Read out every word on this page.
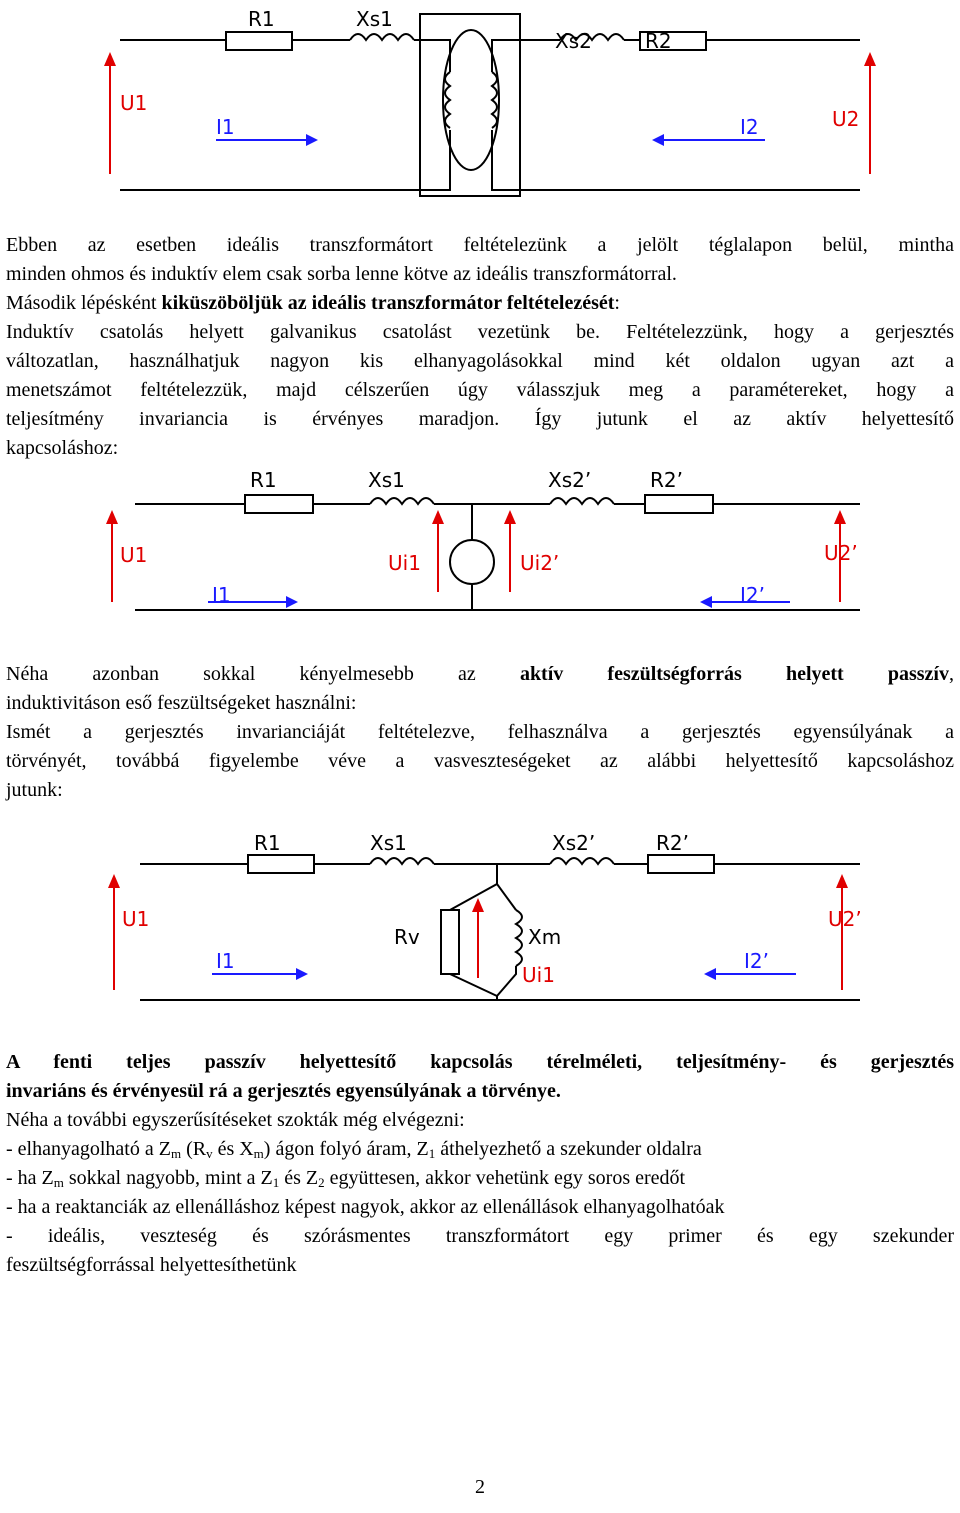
R1	Xs1
Xs2	R2
U1
I1	I2	U2
Ebben az esetben ideális transzformátort feltételezünk a jelölt téglalapon belül, mintha
minden ohmos és induktív elem csak sorba lenne kötve az ideális transzformátorral.
Második lépésként kiküszöböljük az ideális transzformátor feltételezését:
Induktív csatolás helyett galvanikus csatolást vezetünk be. Feltételezzünk, hogy a gerjesztés
változatlan, használhatjuk nagyon kis elhanyagolásokkal mind két oldalon ugyan azt a
menetszámot feltételezzük, majd célszerűen úgy válasszjuk meg a paramétereket, hogy a
teljesítmény invariancia is érvényes maradjon. Így jutunk el az aktív helyettesítő
kapcsoláshoz:
R1	Xs1	Xs2’	R2’
U1	Ui1	Ui2’	U2’
I1	I2’
Néha azonban sokkal kényelmesebb az aktív feszültségforrás helyett passzív,
induktivitáson eső feszültségeket használni:
Ismét a gerjesztés invarianciáját feltételezve, felhasználva a gerjesztés egyensúlyának a
törvényét, továbbá figyelembe véve a vasveszteségeket az alábbi helyettesítő kapcsoláshoz
jutunk:
R1	Xs1	Xs2’	R2’
U1
Rv	Xm
Ui1
U2’
I1	I2’
A fenti teljes passzív helyettesítő kapcsolás térelméleti, teljesítmény- és gerjesztés
invariáns és érvényesül rá a gerjesztés egyensúlyának a törvénye.
Néha a további egyszerűsítéseket szokták még elvégezni:
- elhanyagolható a $Z_m$ ($R_v$ és $X_m$) ágon folyó áram, $Z_1$ áthelyezhető a szekunder oldalra
- ha $Z_m$ sokkal nagyobb, mint a $Z_1$ és $Z_2$ együttesen, akkor vehetünk egy soros eredőt
- ha a reaktanciák az ellenálláshoz képest nagyok, akkor az ellenállások elhanyagolhatóak
- ideális, veszteség és szórásmentes transzformátort egy primer és egy szekunder
feszültségforrással helyettesíthetünk
2
